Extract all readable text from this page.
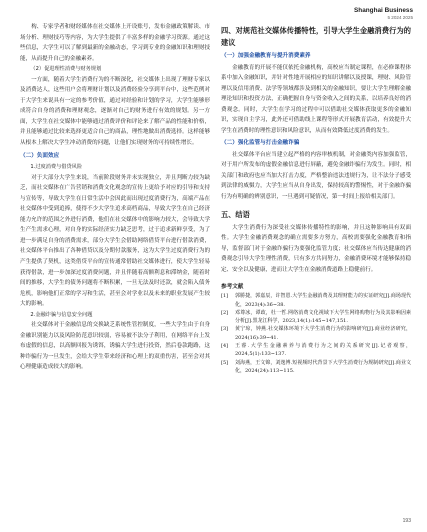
Shanghai Business
5 2024 2025

构、专家学者和财经媒体在社交媒体上开设账号，发布金融政策解读、市场分析、理财技巧等内容，为大学生提供了丰富多样的金融学习资源。通过这些信息，大学生可以了解到最新的金融动态，学习到专业的金融知识和理财技能，从而提升自己的金融素养。

（2）促进理性消费与财务规划

一方面，随着大学生消费行为的不断深化，社交媒体上出现了理财专家以及消费达人，这些用户会将理财计划以及消费经验分享到平台中，这些范例对于大学生来说具有一定的参考价值，通过对经验和计划的学习，大学生能够形成符合自身的消费和理财观念，逐渐对自己的财务进行有效的规划。另一方面，大学生在社交媒体中能够通过消费评价和评论来了解产品的性能和价格，并且能够通过比较来选择更适合自己的商品，理性地做出消费选择。这样能够从根本上解决大学生冲动消费的问题，让他们实现财务的可持续性增长。

（二）负面效应
1.过度消费与借贷风险

对于大部分大学生来说，当前阶段财务并未实现独立，并且判断力较为缺乏，而社交媒体在广告营销和消费文化观念的宣传上更给予对应的引导和支持与宣传等，导致大学生在日常生活中会因此而出现过度消费行为，高端产品在社交媒体中受到追捧，使得不少大学生追求高档商品，导致大学生在自己经济能力允许的范围之外进行消费，他们在社交媒体中的影响力较大，会导致大学生产生需求心理，对自身的实际经济实力缺乏思考，过于追求新鲜享受，为了进一步满足自身的消费需求，部分大学生会借助网络借贷平台进行借款消费，社交媒体平台推出了各种借贷以及分期付款服务，这为大学生过度消费行为的产生提供了契机，这类借贷平台的宣传通常借助社交媒体进行，使大学生轻易获得借款，进一步加深过度消费问题，并且伴随着高额利息和滞纳金，随着时间的推移，大学生的债务问题将不断积累，一旦无法及时还款，就会陷入债务危机，影响他们正常的学习和生活，甚至会对学业以及未来的职业发展产生较大的影响。

2.金融诈骗与信息安全问题

社交媒体对于金融信息的交换缺乏系统性管控制度，一些大学生由于自身金融识别能力以及风险防范意识较弱，容易被不法分子利用，在网络平台上发布虚假的信息，以高额回报为诱饵，诱骗大学生进行投资，然后卷款跑路，这种诈骗行为一旦发生，会给大学生带来经济和心理上的双重伤害，甚至会对其心理健康造成较大的影响。

四、对规范社交媒体传播特性，引导大学生金融消费行为的建议
（一）加强金融教育与提升消费素养

金融教育的开展不能仅依托金融机构，高校应当制定课程，在必修课程体系中加入金融知识，并针对性地开展相应的知识讲解以及授课，理财、风险管理以及信用消费、法学等领域都涉及到相关的金融知识，要让大学生理解金融理论知识和投资方法，正确把握自身与资金收入之间的关系，以培养良好的消费观念。同时，大学生在学习的过程中可以借助社交媒体获取更多的金融知识，实现自主学习，此外还可借助线上课程等形式开展教育活动，有效提升大学生在消费时的理性意识和风险意识，从而有效降低过度消费的发生。

（二）强化监管与打击金融诈骗

社交媒体平台应当建立起严格的内容审核机制，对金融类内容加强监管，对于用户所发布的虚假金融信息进行屏蔽，避免金融诈骗行为发生。同时，相关部门和政府也应当加大打击力度，严格整治违法违规行为，让不法分子感受到法律的威慑力，大学生应当从自身出发，保持较高的警惕性，对于金融诈骗行为有明确的辨别意识，一旦遇到可疑情况，第一时间上报给相关部门。

五、结语

大学生消费行为深受社交媒体传播特性的影响，并且这种影响具有双面性。大学生金融消费观念的确立需要多方努力，高校需要强化金融教育和指导，监督部门对于金融诈骗行为要强化监管力度；社交媒体应当传达健康的消费观念引导大学生理性消费，只有多方共同努力，金融消费环境才能够保持稳定、安全以及健康，进而让大学生在金融消费道路上稳健前行。

参考文献
[1]	郭勝捷，郭嘉辰，许智恩.大学生金融消费及其理财能力的实证研究[J].商场现代化，2023(4):36~38.
[2]	邓尊冰，谭政，杜一哲.网络消费文化视域下大学生网络购物行为及其影响因素分析[J].黑龙江科学，2023,14(1):145~147,151.
[3]	黄宁琼，钟燕.社交媒体环境下大学生消费行为的影响研究[J].商业经济研究，2024(16):39~41.
[4]	王睿.大学生金融素养与消费行为之间的关系研究[J].记者观察，2024,5(1):133~137.
[5]	刘海燕，王文锦，刘逸博.短视频时代背景下大学生消费行为规制研究[J].商业文化，2024(24):113~115.
193
